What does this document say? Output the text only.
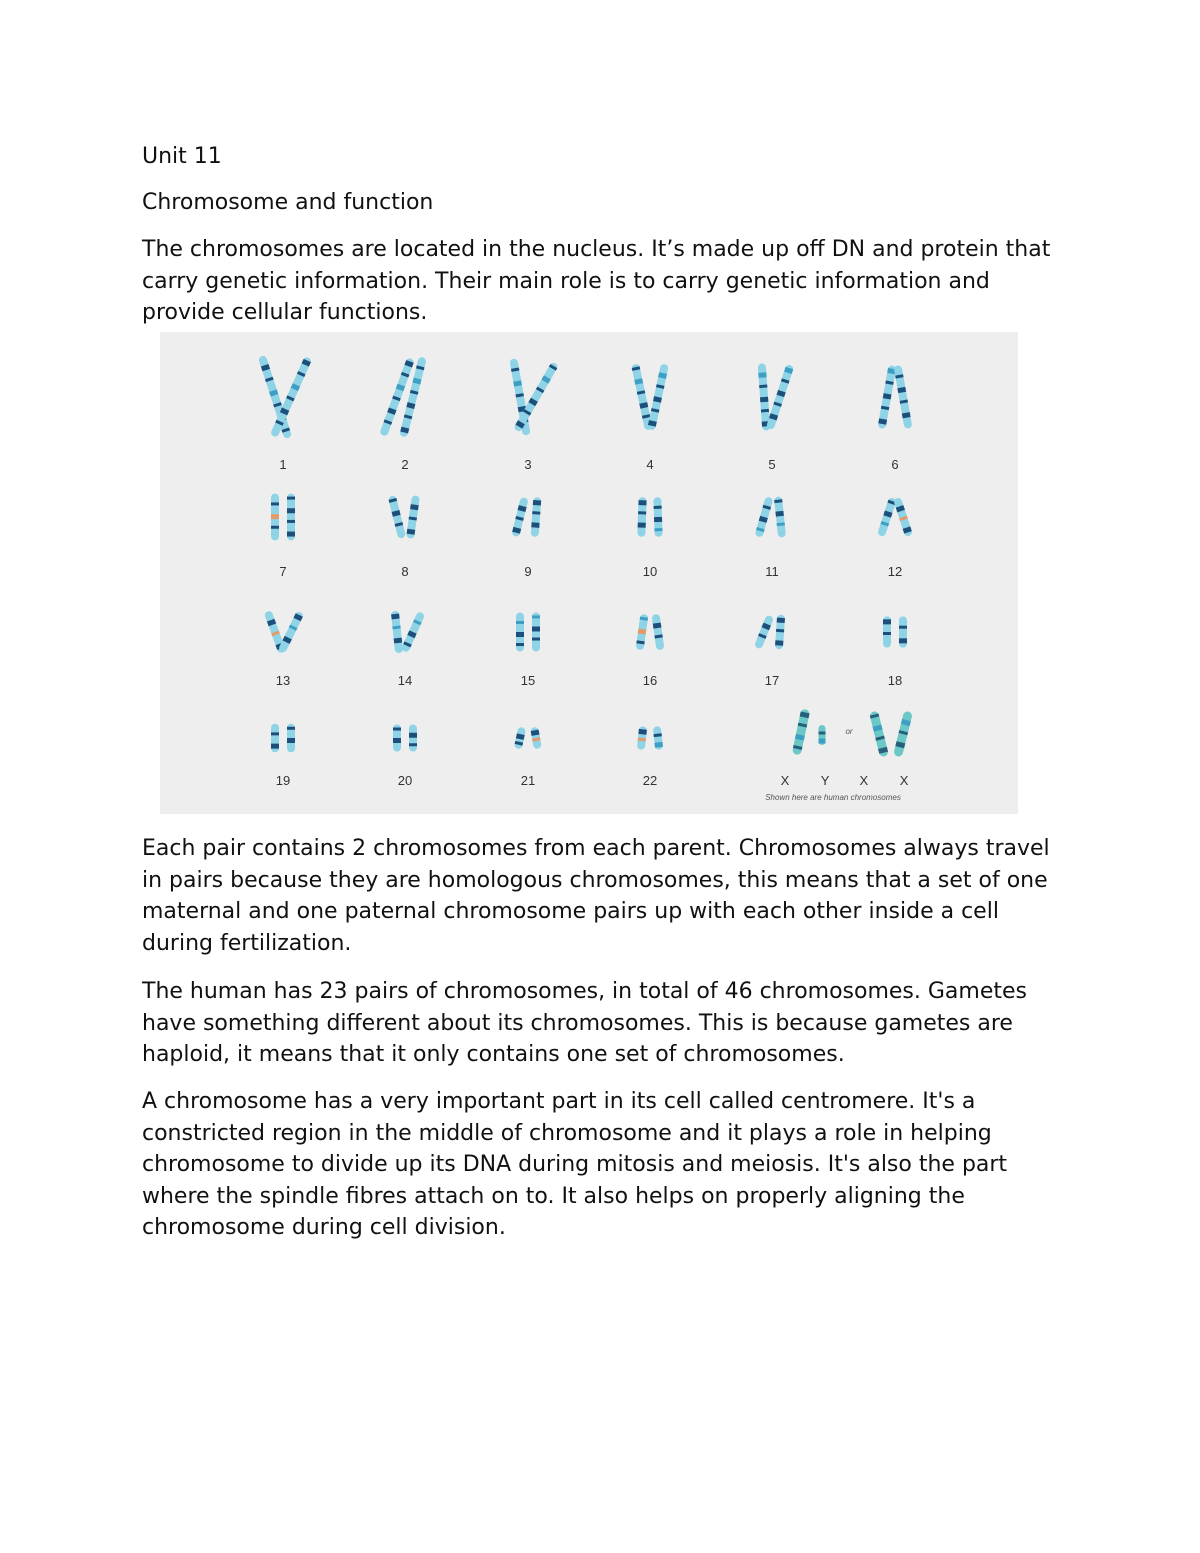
Unit 11

Chromosome and function

The chromosomes are located in the nucleus. It’s made up off DN and protein that carry genetic information. Their main role is to carry genetic information and provide cellular functions.

1	2	3	4	5	6
7	8	9	10	11	12
13	14	15	16	17	18
19	20	21	22	X Y X X
or
Shown here are human chromosomes

Each pair contains 2 chromosomes from each parent. Chromosomes always travel in pairs because they are homologous chromosomes, this means that a set of one maternal and one paternal chromosome pairs up with each other inside a cell during fertilization.

The human has 23 pairs of chromosomes, in total of 46 chromosomes. Gametes have something different about its chromosomes. This is because gametes are haploid, it means that it only contains one set of chromosomes.

A chromosome has a very important part in its cell called centromere. It's a constricted region in the middle of chromosome and it plays a role in helping chromosome to divide up its DNA during mitosis and meiosis. It's also the part where the spindle fibres attach on to. It also helps on properly aligning the chromosome during cell division.
